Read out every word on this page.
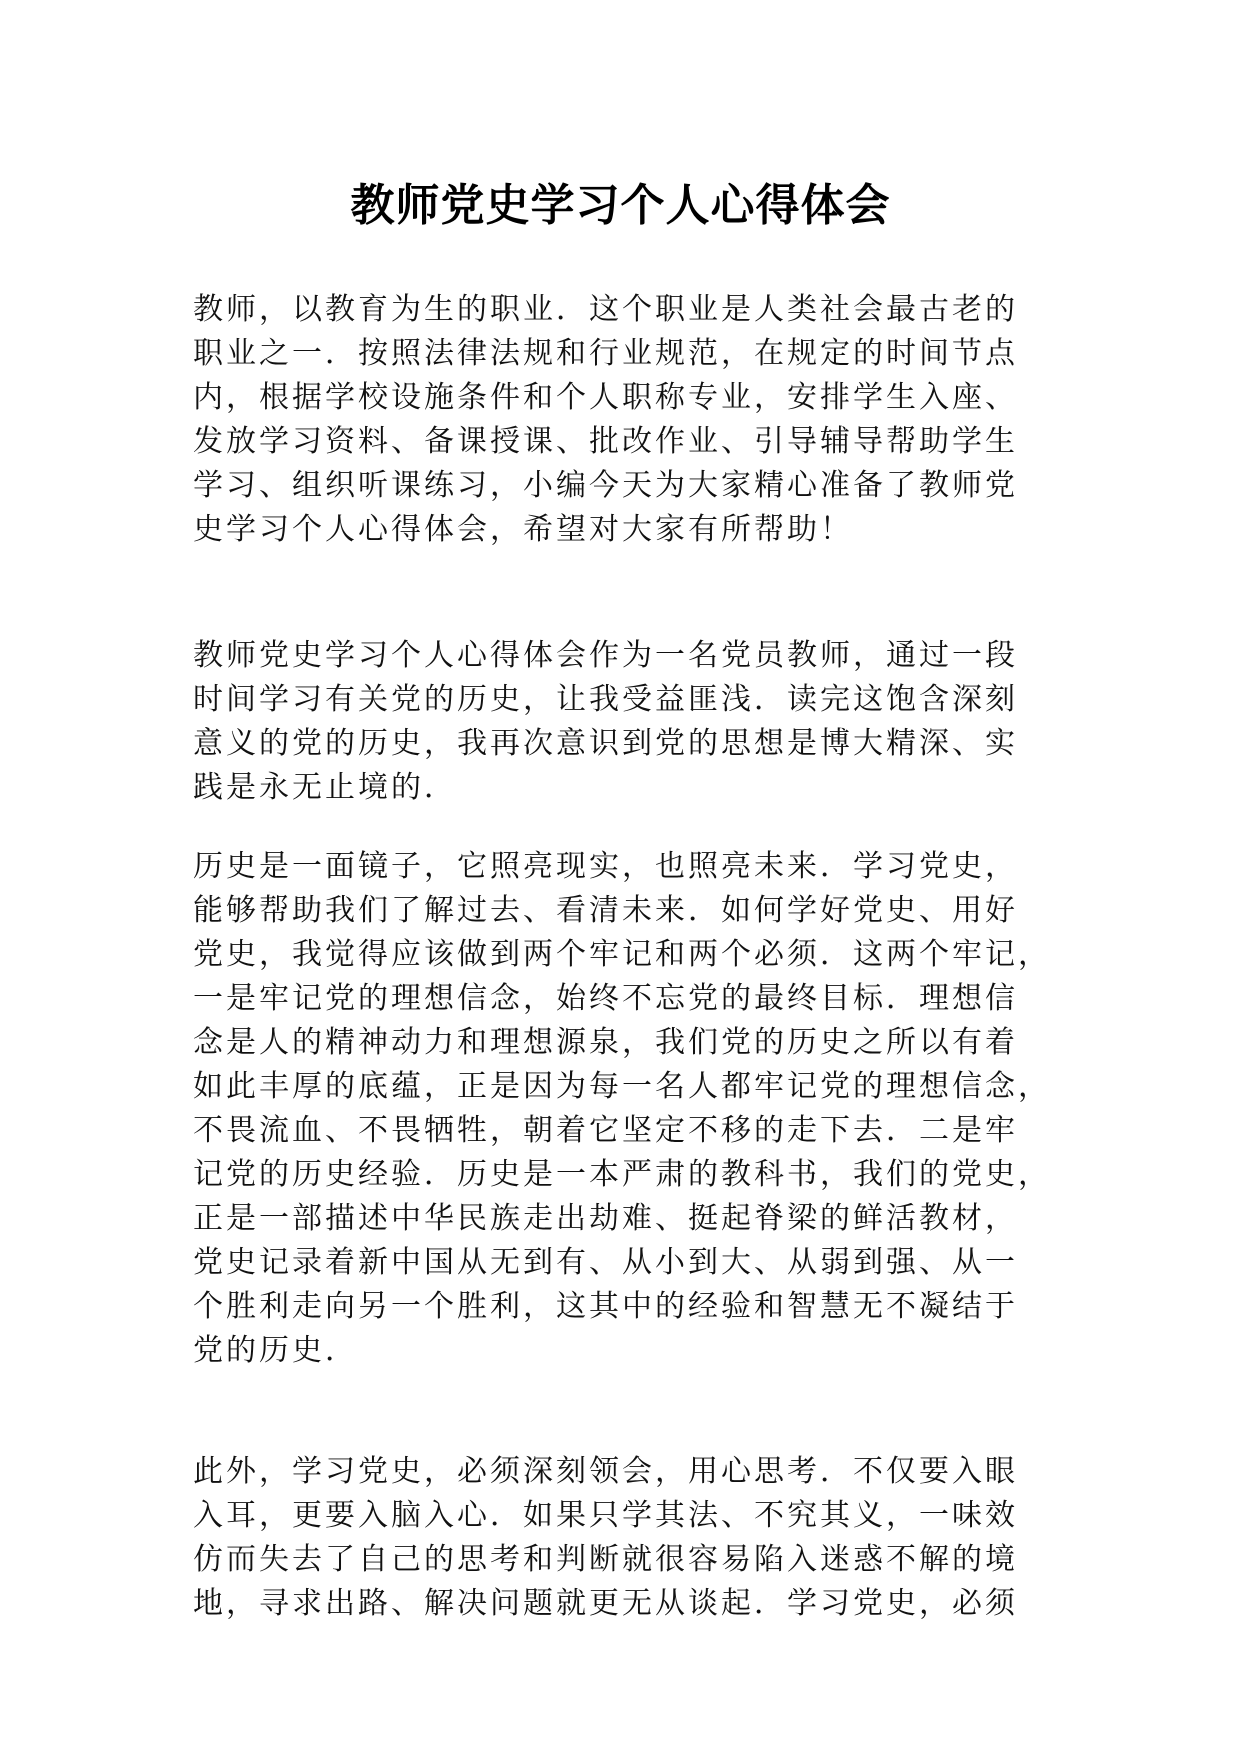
教师党史学习个人心得体会

教师，以教育为生的职业．这个职业是人类社会最古老的
职业之一．按照法律法规和行业规范，在规定的时间节点
内，根据学校设施条件和个人职称专业，安排学生入座、
发放学习资料、备课授课、批改作业、引导辅导帮助学生
学习、组织听课练习，小编今天为大家精心准备了教师党
史学习个人心得体会，希望对大家有所帮助！

教师党史学习个人心得体会作为一名党员教师，通过一段
时间学习有关党的历史，让我受益匪浅．读完这饱含深刻
意义的党的历史，我再次意识到党的思想是博大精深、实
践是永无止境的．

历史是一面镜子，它照亮现实，也照亮未来．学习党史，
能够帮助我们了解过去、看清未来．如何学好党史、用好
党史，我觉得应该做到两个牢记和两个必须．这两个牢记，
一是牢记党的理想信念，始终不忘党的最终目标．理想信
念是人的精神动力和理想源泉，我们党的历史之所以有着
如此丰厚的底蕴，正是因为每一名人都牢记党的理想信念，
不畏流血、不畏牺牲，朝着它坚定不移的走下去．二是牢
记党的历史经验．历史是一本严肃的教科书，我们的党史，
正是一部描述中华民族走出劫难、挺起脊梁的鲜活教材，
党史记录着新中国从无到有、从小到大、从弱到强、从一
个胜利走向另一个胜利，这其中的经验和智慧无不凝结于
党的历史．

此外，学习党史，必须深刻领会，用心思考．不仅要入眼
入耳，更要入脑入心．如果只学其法、不究其义，一味效
仿而失去了自己的思考和判断就很容易陷入迷惑不解的境
地，寻求出路、解决问题就更无从谈起．学习党史，必须
